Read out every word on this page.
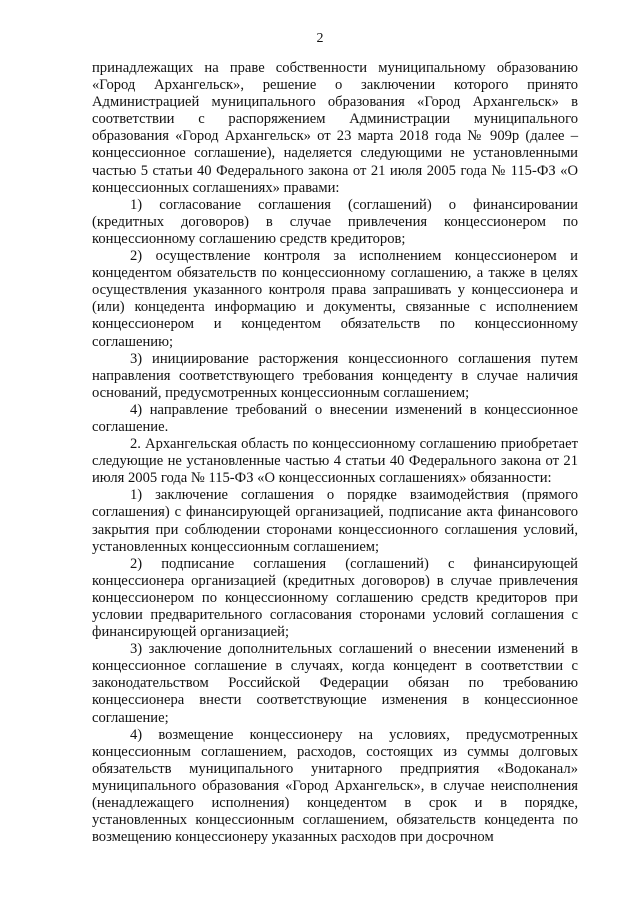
2

принадлежащих на праве собственности муниципальному образованию «Город Архангельск», решение о заключении которого принято Администрацией муниципального образования «Город Архангельск» в соответствии с распоряжением Администрации муниципального образования «Город Архангельск» от 23 марта 2018 года № 909р (далее – концессионное соглашение), наделяется следующими не установленными частью 5 статьи 40 Федерального закона от 21 июля 2005 года № 115-ФЗ «О концессионных соглашениях» правами:

1) согласование соглашения (соглашений) о финансировании (кредитных договоров) в случае привлечения концессионером по концессионному соглашению средств кредиторов;

2) осуществление контроля за исполнением концессионером и концедентом обязательств по концессионному соглашению, а также в целях осуществления указанного контроля права запрашивать у концессионера и (или) концедента информацию и документы, связанные с исполнением концессионером и концедентом обязательств по концессионному соглашению;

3) инициирование расторжения концессионного соглашения путем направления соответствующего требования концеденту в случае наличия оснований, предусмотренных концессионным соглашением;

4) направление требований о внесении изменений в концессионное соглашение.

2. Архангельская область по концессионному соглашению приобретает следующие не установленные частью 4 статьи 40 Федерального закона от 21 июля 2005 года № 115-ФЗ «О концессионных соглашениях» обязанности:

1) заключение соглашения о порядке взаимодействия (прямого соглашения) с финансирующей организацией, подписание акта финансового закрытия при соблюдении сторонами концессионного соглашения условий, установленных концессионным соглашением;

2) подписание соглашения (соглашений) с финансирующей концессионера организацией (кредитных договоров) в случае привлечения концессионером по концессионному соглашению средств кредиторов при условии предварительного согласования сторонами условий соглашения с финансирующей организацией;

3) заключение дополнительных соглашений о внесении изменений в концессионное соглашение в случаях, когда концедент в соответствии с законодательством Российской Федерации обязан по требованию концессионера внести соответствующие изменения в концессионное соглашение;

4) возмещение концессионеру на условиях, предусмотренных концессионным соглашением, расходов, состоящих из суммы долговых обязательств муниципального унитарного предприятия «Водоканал» муниципального образования «Город Архангельск», в случае неисполнения (ненадлежащего исполнения) концедентом в срок и в порядке, установленных концессионным соглашением, обязательств концедента по возмещению концессионеру указанных расходов при досрочном
